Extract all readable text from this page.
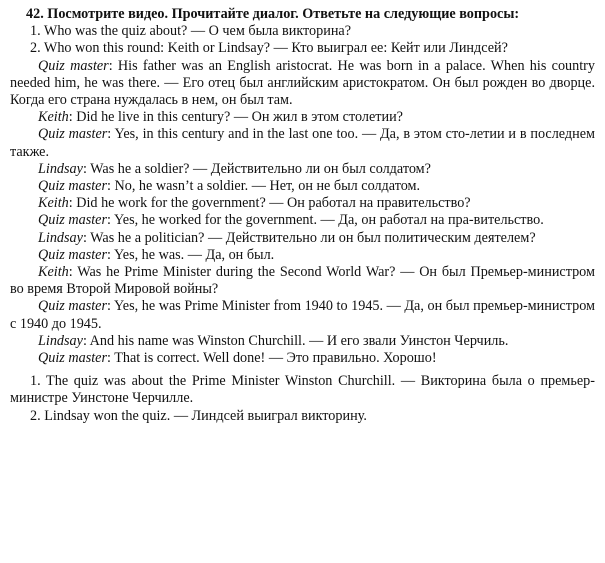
42. Посмотрите видео. Прочитайте диалог. Ответьте на следующие вопросы:

1. Who was the quiz about? — О чем была викторина?

2. Who won this round: Keith or Lindsay? — Кто выиграл ее: Кейт или Линдсей?

Quiz master: His father was an English aristocrat. He was born in a palace. When his country needed him, he was there. — Его отец был английским аристократом. Он был рожден во дворце. Когда его страна нуждалась в нем, он был там.

Keith: Did he live in this century? — Он жил в этом столетии?

Quiz master: Yes, in this century and in the last one too. — Да, в этом сто-летии и в последнем также.

Lindsay: Was he a soldier? — Действительно ли он был солдатом?

Quiz master: No, he wasn’t a soldier. — Нет, он не был солдатом.

Keith: Did he work for the government? — Он работал на правительство?

Quiz master: Yes, he worked for the government. — Да, он работал на пра-вительство.

Lindsay: Was he a politician? — Действительно ли он был политическим деятелем?

Quiz master: Yes, he was. — Да, он был.

Keith: Was he Prime Minister during the Second World War? — Он был Премьер-министром во время Второй Мировой войны?

Quiz master: Yes, he was Prime Minister from 1940 to 1945. — Да, он был премьер-министром с 1940 до 1945.

Lindsay: And his name was Winston Churchill. — И его звали Уинстон Черчиль.

Quiz master: That is correct. Well done! — Это правильно. Хорошо!

1. The quiz was about the Prime Minister Winston Churchill. — Викторина была о премьер-министре Уинстоне Черчилле.

2. Lindsay won the quiz. — Линдсей выиграл викторину.
